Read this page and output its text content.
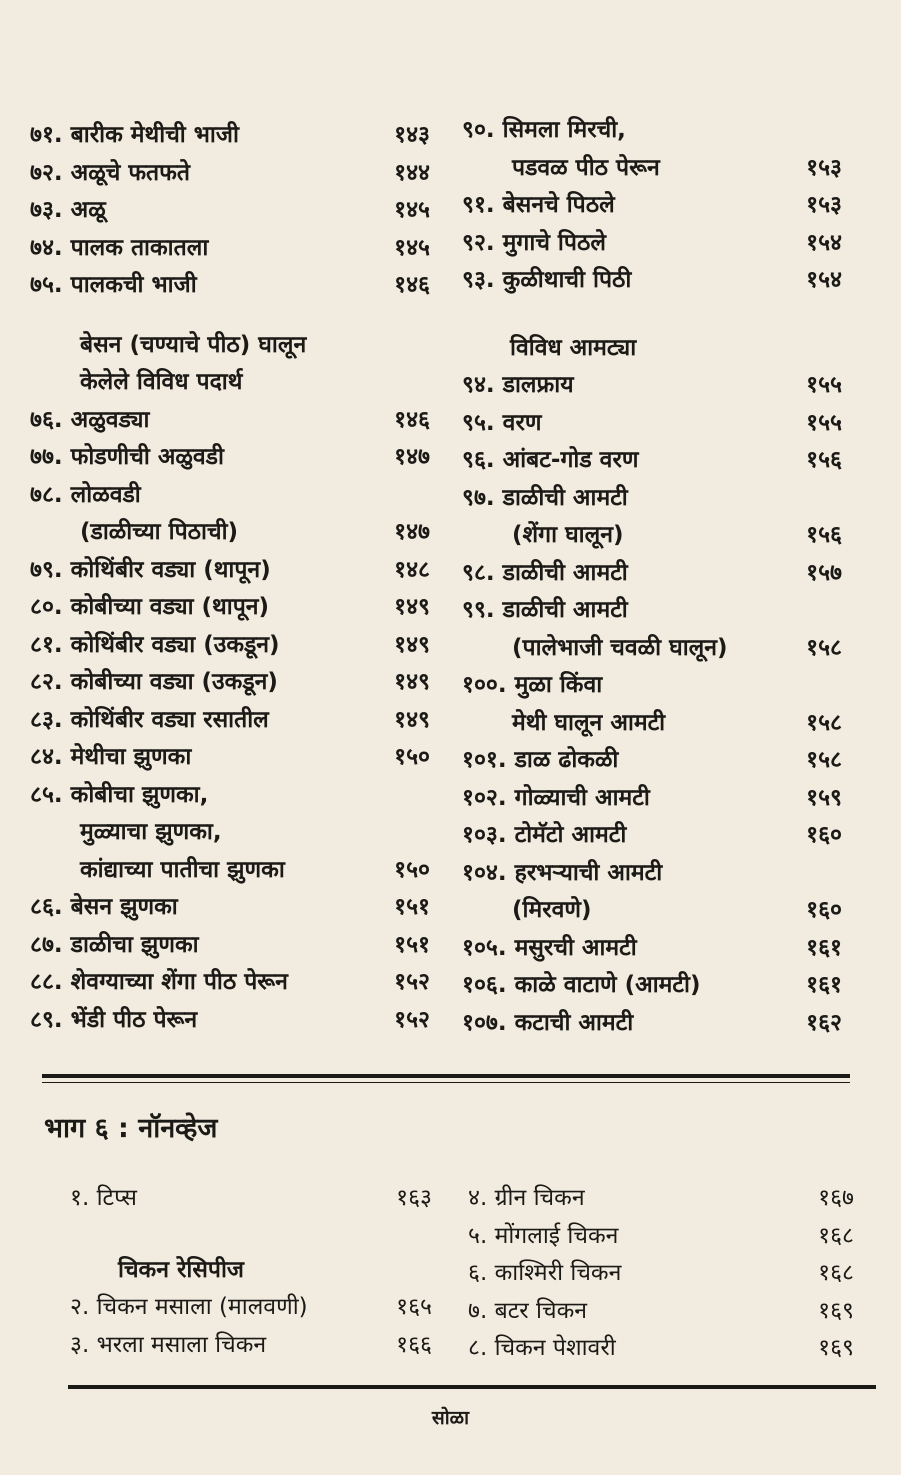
७१. बारीक मेथीची भाजी	१४३
७२. अळूचे फतफते	१४४
७३. अळू	१४५
७४. पालक ताकातला	१४५
७५. पालकची भाजी	१४६
बेसन (चण्याचे पीठ) घालून
केलेले विविध पदार्थ
७६. अळुवड्या	१४६
७७. फोडणीची अळुवडी	१४७
७८. लोळवडी
(डाळीच्या पिठाची)	१४७
७९. कोथिंबीर वड्या (थापून)	१४८
८०. कोबीच्या वड्या (थापून)	१४९
८१. कोथिंबीर वड्या (उकडून)	१४९
८२. कोबीच्या वड्या (उकडून)	१४९
८३. कोथिंबीर वड्या रसातील	१४९
८४. मेथीचा झुणका	१५०
८५. कोबीचा झुणका,
मुळ्याचा झुणका,
कांद्याच्या पातीचा झुणका	१५०
८६. बेसन झुणका	१५१
८७. डाळीचा झुणका	१५१
८८. शेवग्याच्या शेंगा पीठ पेरून	१५२
८९. भेंडी पीठ पेरून	१५२
९०. सिमला मिरची,
पडवळ पीठ पेरून	१५३
९१. बेसनचे पिठले	१५३
९२. मुगाचे पिठले	१५४
९३. कुळीथाची पिठी	१५४
विविध आमट्या
९४. डालफ्राय	१५५
९५. वरण	१५५
९६. आंबट-गोड वरण	१५६
९७. डाळीची आमटी
(शेंगा घालून)	१५६
९८. डाळीची आमटी	१५७
९९. डाळीची आमटी
(पालेभाजी चवळी घालून)	१५८
१००. मुळा किंवा
मेथी घालून आमटी	१५८
१०१. डाळ ढोकळी	१५८
१०२. गोळ्याची आमटी	१५९
१०३. टोमॅटो आमटी	१६०
१०४. हरभऱ्याची आमटी
(मिरवणे)	१६०
१०५. मसुरची आमटी	१६१
१०६. काळे वाटाणे (आमटी)	१६१
१०७. कटाची आमटी	१६२
भाग ६ : नॉनव्हेज
१. टिप्स	१६३
चिकन रेसिपीज
२. चिकन मसाला (मालवणी)	१६५
३. भरला मसाला चिकन	१६६
४. ग्रीन चिकन	१६७
५. मोंगलाई चिकन	१६८
६. काश्मिरी चिकन	१६८
७. बटर चिकन	१६९
८. चिकन पेशावरी	१६९
सोळा
